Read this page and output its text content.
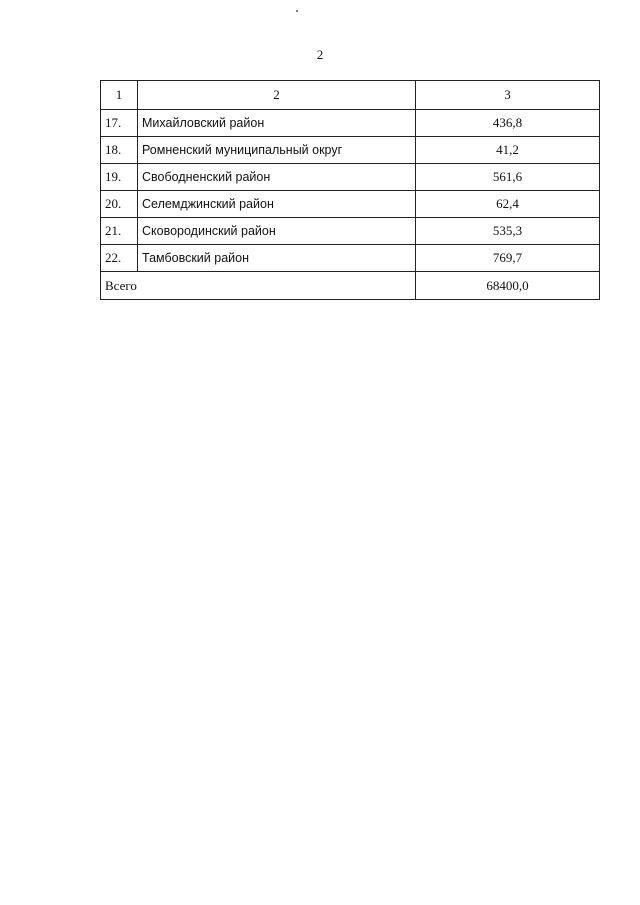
2
1	2	3
17.	Михайловский район	436,8
18.	Ромненский муниципальный округ	41,2
19.	Свободненский район	561,6
20.	Селемджинский район	62,4
21.	Сковородинский район	535,3
22.	Тамбовский район	769,7
Всего		68400,0
